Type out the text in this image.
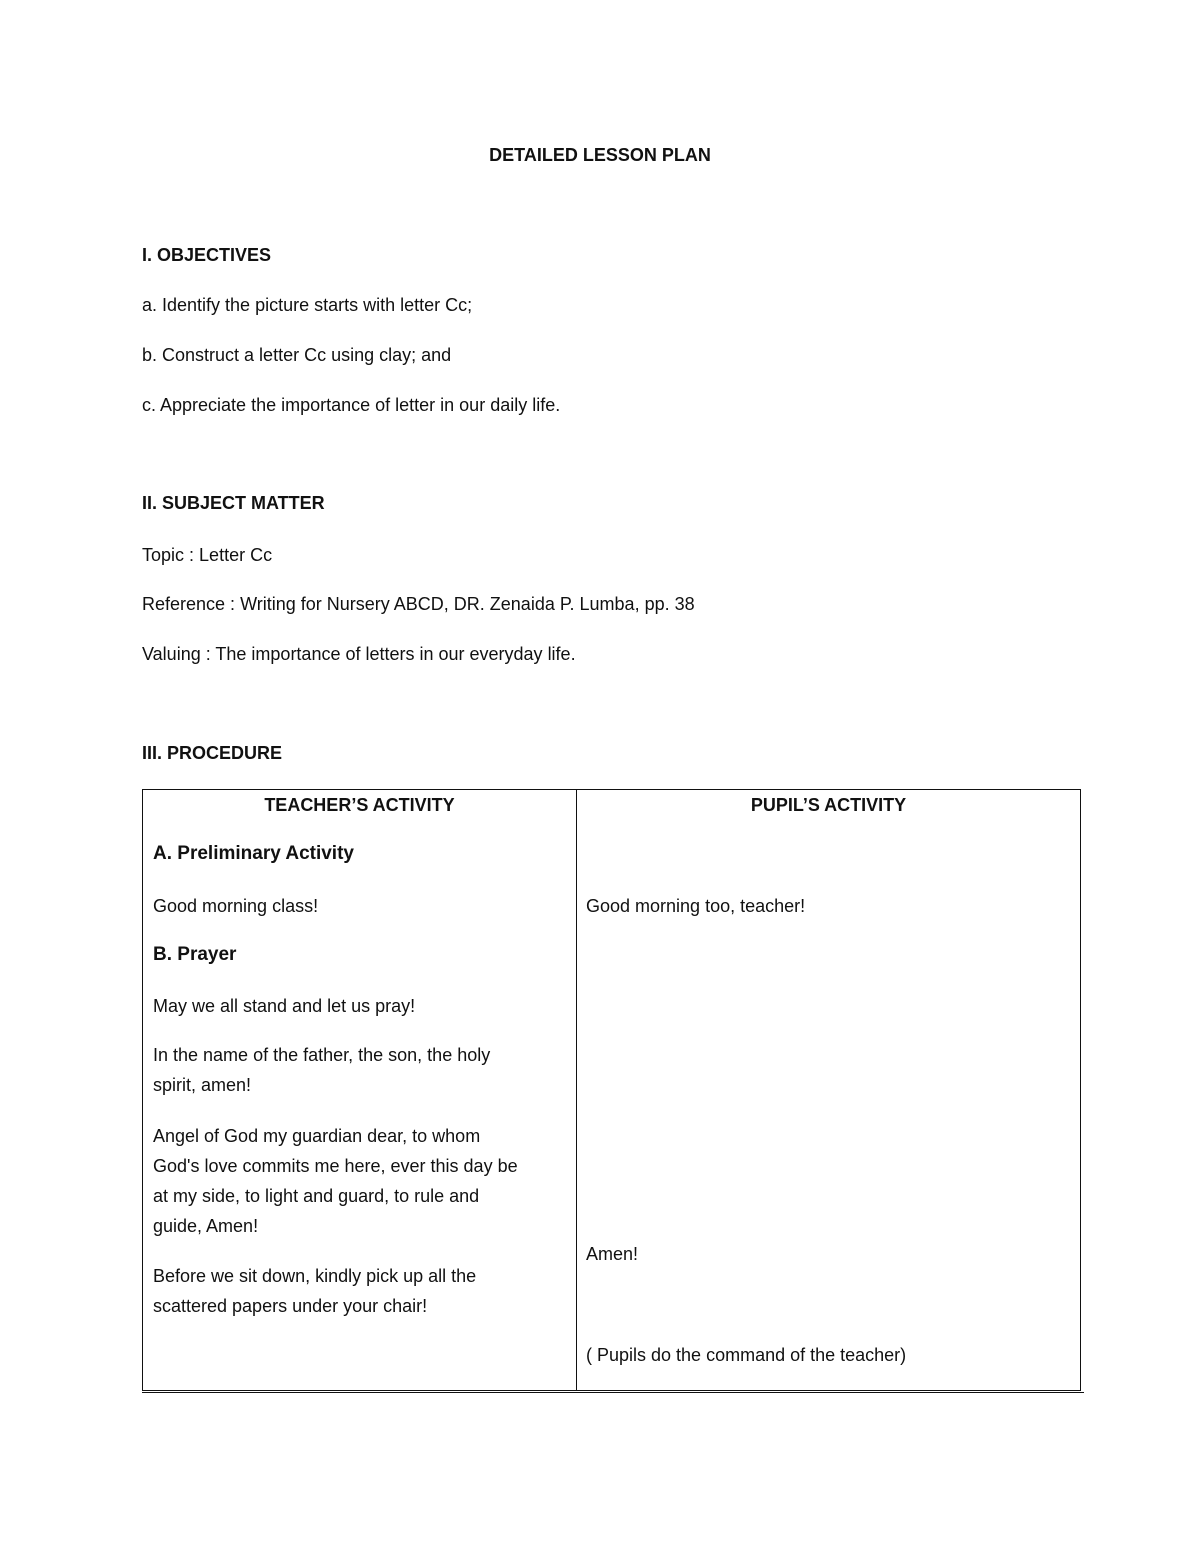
DETAILED LESSON PLAN
I. OBJECTIVES
a. Identify the picture starts with letter Cc;
b. Construct a letter Cc using clay; and
c. Appreciate the importance of letter in our daily life.
II. SUBJECT MATTER
Topic : Letter Cc
Reference : Writing for Nursery ABCD, DR. Zenaida P. Lumba, pp. 38
Valuing : The importance of letters in our everyday life.
III. PROCEDURE
TEACHER’S ACTIVITY	PUPIL’S ACTIVITY
A. Preliminary Activity
Good morning class!
B. Prayer
May we all stand and let us pray!
In the name of the father, the son, the holy
spirit, amen!
Angel of God my guardian dear, to whom
God's love commits me here, ever this day be
at my side, to light and guard, to rule and
guide, Amen!
Before we sit down, kindly pick up all the
scattered papers under your chair!
Good morning too, teacher!
Amen!
( Pupils do the command of the teacher)
